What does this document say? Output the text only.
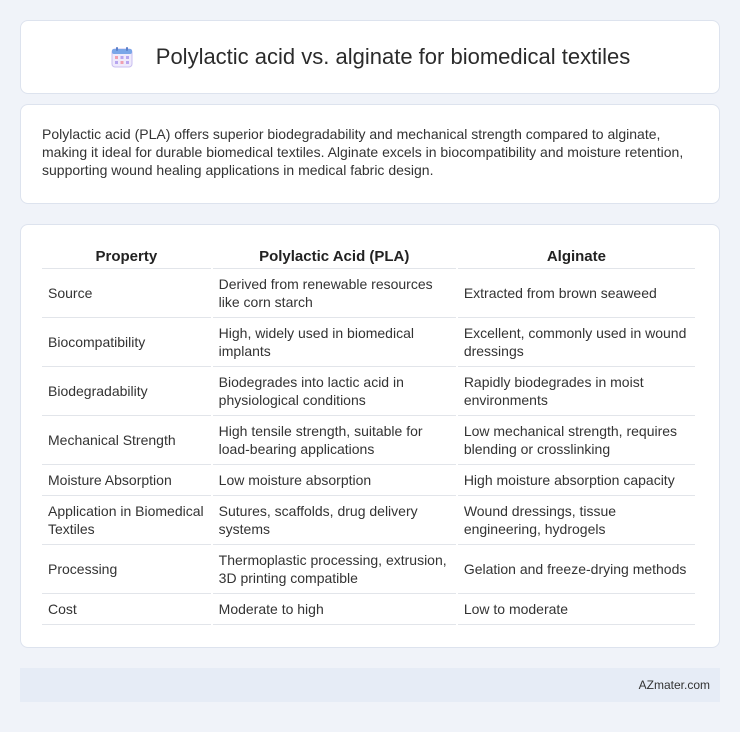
Polylactic acid vs. alginate for biomedical textiles

Polylactic acid (PLA) offers superior biodegradability and mechanical strength compared to alginate, making it ideal for durable biomedical textiles. Alginate excels in biocompatibility and moisture retention, supporting wound healing applications in medical fabric design.

Property	Polylactic Acid (PLA)	Alginate
Source	Derived from renewable resources like corn starch	Extracted from brown seaweed
Biocompatibility	High, widely used in biomedical implants	Excellent, commonly used in wound dressings
Biodegradability	Biodegrades into lactic acid in physiological conditions	Rapidly biodegrades in moist environments
Mechanical Strength	High tensile strength, suitable for load-bearing applications	Low mechanical strength, requires blending or crosslinking
Moisture Absorption	Low moisture absorption	High moisture absorption capacity
Application in Biomedical Textiles	Sutures, scaffolds, drug delivery systems	Wound dressings, tissue engineering, hydrogels
Processing	Thermoplastic processing, extrusion, 3D printing compatible	Gelation and freeze-drying methods
Cost	Moderate to high	Low to moderate
AZmater.com
